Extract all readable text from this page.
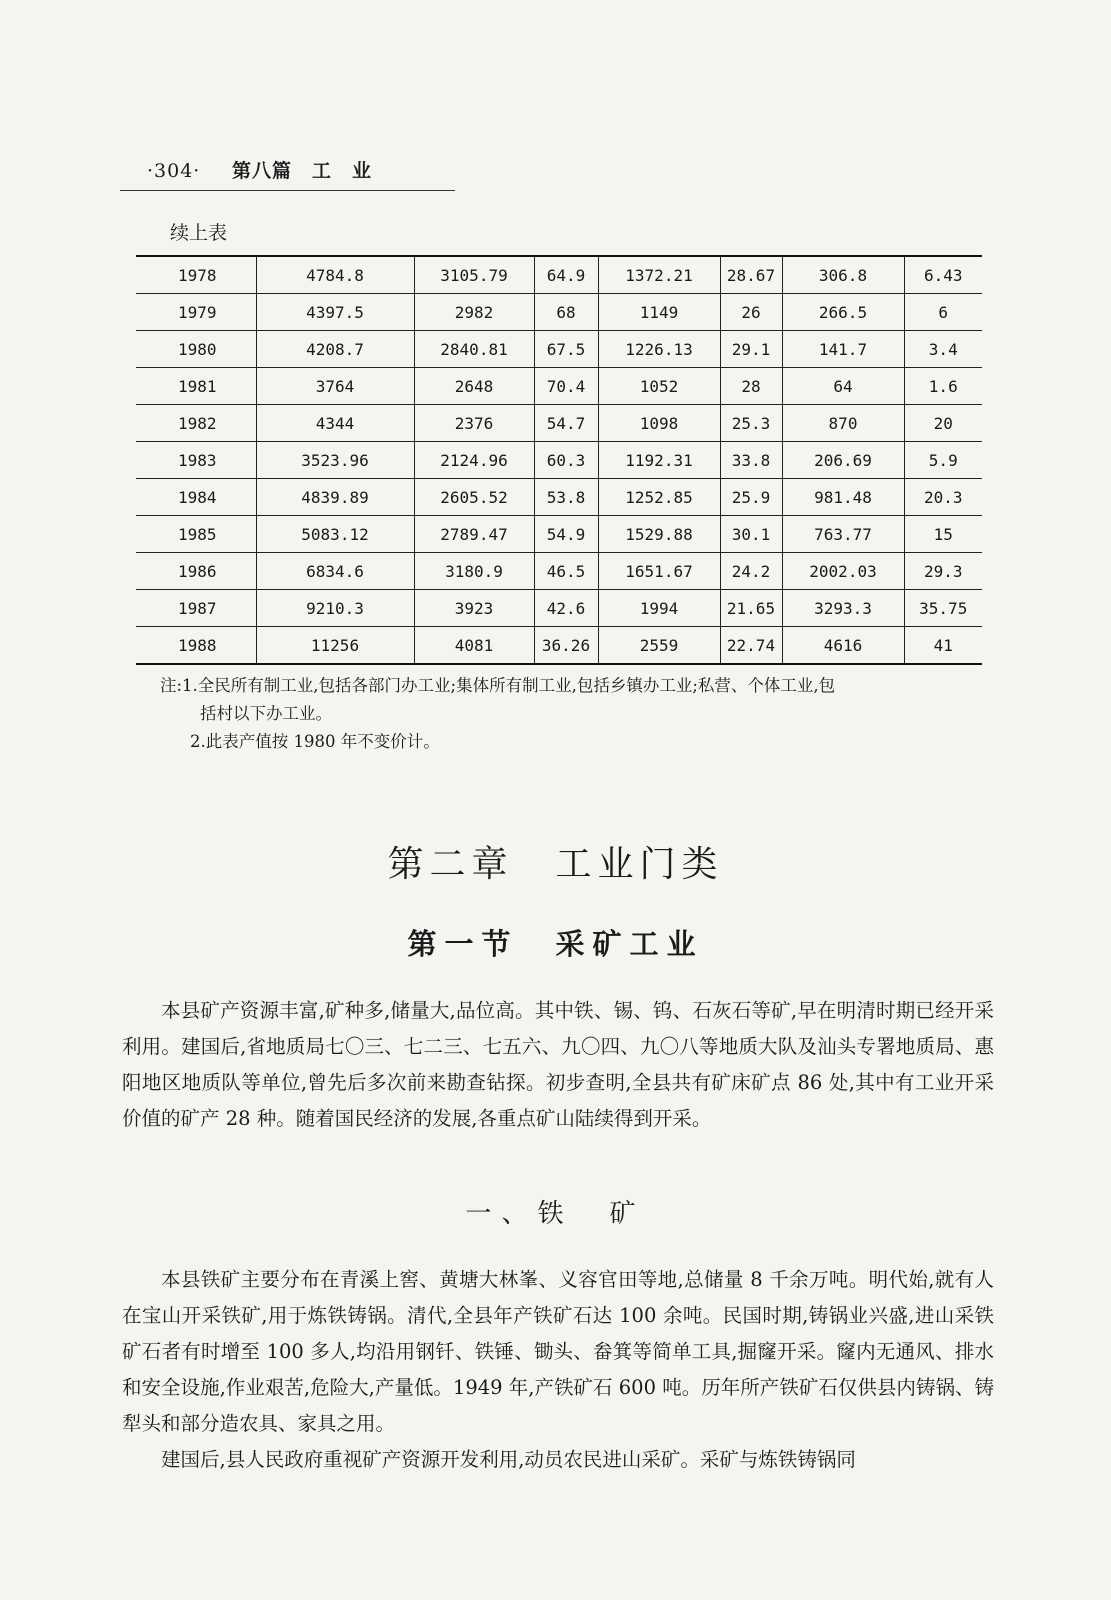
·304· 第八篇　工　业
续上表
1978	4784.8	3105.79	64.9	1372.21	28.67	306.8	6.43
1979	4397.5	2982	68	1149	26	266.5	6
1980	4208.7	2840.81	67.5	1226.13	29.1	141.7	3.4
1981	3764	2648	70.4	1052	28	64	1.6
1982	4344	2376	54.7	1098	25.3	870	20
1983	3523.96	2124.96	60.3	1192.31	33.8	206.69	5.9
1984	4839.89	2605.52	53.8	1252.85	25.9	981.48	20.3
1985	5083.12	2789.47	54.9	1529.88	30.1	763.77	15
1986	6834.6	3180.9	46.5	1651.67	24.2	2002.03	29.3
1987	9210.3	3923	42.6	1994	21.65	3293.3	35.75
1988	11256	4081	36.26	2559	22.74	4616	41
注:1.全民所有制工业,包括各部门办工业;集体所有制工业,包括乡镇办工业;私营、个体工业,包
括村以下办工业。
2.此表产值按 1980 年不变价计。
第二章　工业门类
第一节　采矿工业
本县矿产资源丰富,矿种多,储量大,品位高。其中铁、锡、钨、石灰石等矿,早在明清时期已经开采利用。建国后,省地质局七〇三、七二三、七五六、九〇四、九〇八等地质大队及汕头专署地质局、惠阳地区地质队等单位,曾先后多次前来勘查钻探。初步查明,全县共有矿床矿点 86 处,其中有工业开采价值的矿产 28 种。随着国民经济的发展,各重点矿山陆续得到开采。
一、铁　矿
本县铁矿主要分布在青溪上窖、黄塘大林峯、义容官田等地,总储量 8 千余万吨。明代始,就有人在宝山开采铁矿,用于炼铁铸锅。清代,全县年产铁矿石达 100 余吨。民国时期,铸锅业兴盛,进山采铁矿石者有时增至 100 多人,均沿用钢钎、铁锤、锄头、畚箕等简单工具,掘窿开采。窿内无通风、排水和安全设施,作业艰苦,危险大,产量低。1949 年,产铁矿石 600 吨。历年所产铁矿石仅供县内铸锅、铸犁头和部分造农具、家具之用。
建国后,县人民政府重视矿产资源开发利用,动员农民进山采矿。采矿与炼铁铸锅同
